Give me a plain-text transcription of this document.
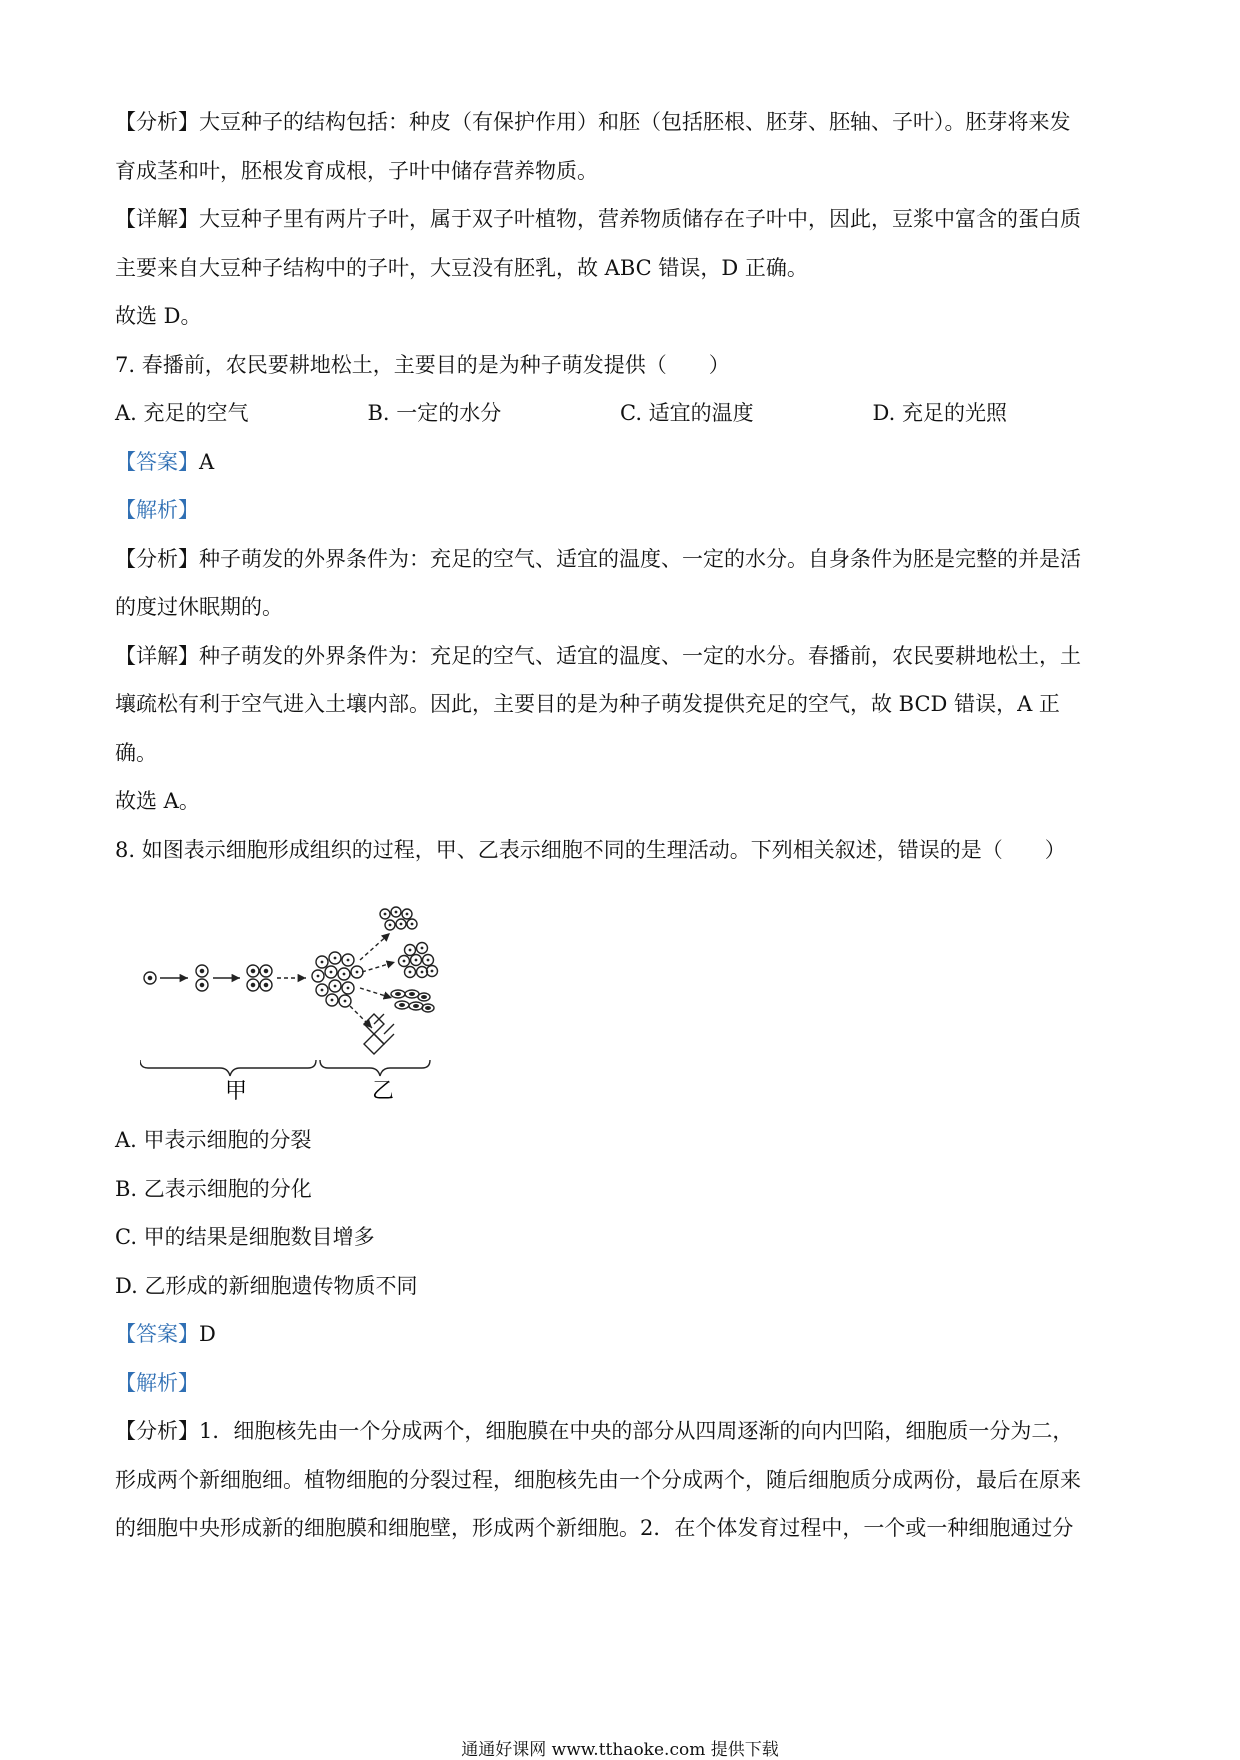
【分析】大豆种子的结构包括：种皮（有保护作用）和胚（包括胚根、胚芽、胚轴、子叶）。胚芽将来发
育成茎和叶，胚根发育成根，子叶中储存营养物质。
【详解】大豆种子里有两片子叶，属于双子叶植物，营养物质储存在子叶中，因此，豆浆中富含的蛋白质
主要来自大豆种子结构中的子叶，大豆没有胚乳，故 ABC 错误，D 正确。
故选 D。
7. 春播前，农民要耕地松土，主要目的是为种子萌发提供（　　）
A. 充足的空气	B. 一定的水分	C. 适宜的温度	D. 充足的光照
【答案】A
【解析】
【分析】种子萌发的外界条件为：充足的空气、适宜的温度、一定的水分。自身条件为胚是完整的并是活
的度过休眠期的。
【详解】种子萌发的外界条件为：充足的空气、适宜的温度、一定的水分。春播前，农民要耕地松土，土
壤疏松有利于空气进入土壤内部。因此，主要目的是为种子萌发提供充足的空气，故 BCD 错误，A 正
确。
故选 A。
8. 如图表示细胞形成组织的过程，甲、乙表示细胞不同的生理活动。下列相关叙述，错误的是（　　）
A. 甲表示细胞的分裂
B. 乙表示细胞的分化
C. 甲的结果是细胞数目增多
D. 乙形成的新细胞遗传物质不同
【答案】D
【解析】
【分析】1．细胞核先由一个分成两个，细胞膜在中央的部分从四周逐渐的向内凹陷，细胞质一分为二，
形成两个新细胞细。植物细胞的分裂过程，细胞核先由一个分成两个，随后细胞质分成两份，最后在原来
的细胞中央形成新的细胞膜和细胞壁，形成两个新细胞。2．在个体发育过程中，一个或一种细胞通过分
甲	乙
通通好课网 www.tthaoke.com 提供下载
